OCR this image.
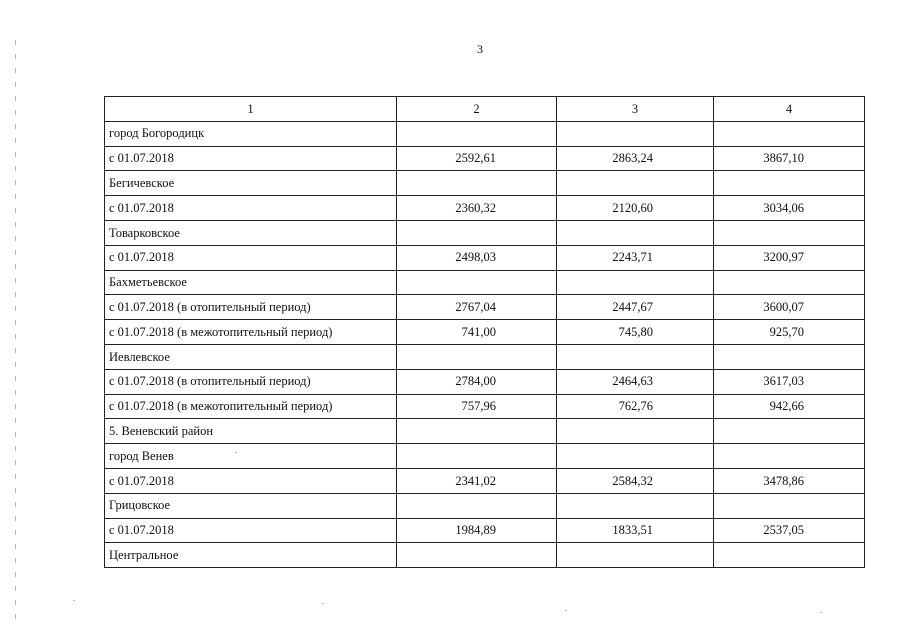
3
1	2	3	4
город Богородицк			
с 01.07.2018	2592,61	2863,24	3867,10
Бегичевское			
с 01.07.2018	2360,32	2120,60	3034,06
Товарковское			
с 01.07.2018	2498,03	2243,71	3200,97
Бахметьевское			
с 01.07.2018 (в отопительный период)	2767,04	2447,67	3600,07
с 01.07.2018 (в межотопительный период)	741,00	745,80	925,70
Иевлевское			
с 01.07.2018 (в отопительный период)	2784,00	2464,63	3617,03
с 01.07.2018 (в межотопительный период)	757,96	762,76	942,66
5. Веневский район			
город Венев			
с 01.07.2018	2341,02	2584,32	3478,86
Грицовское			
с 01.07.2018	1984,89	1833,51	2537,05
Центральное			
